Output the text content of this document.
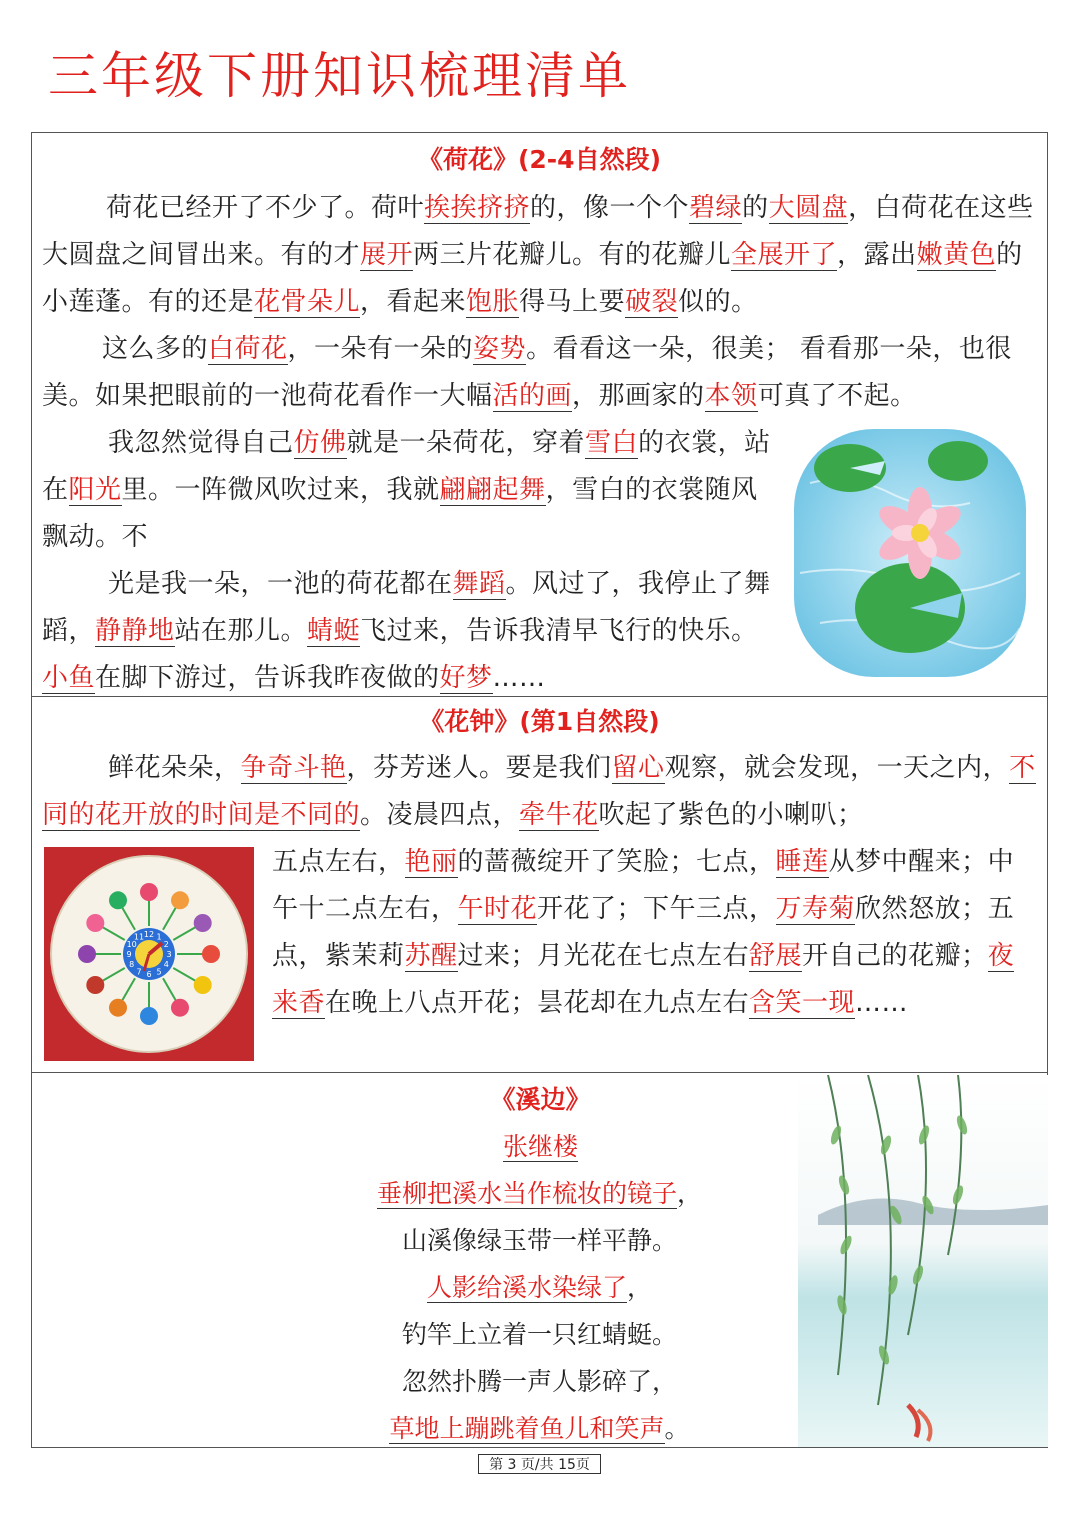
三年级下册知识梳理清单

《荷花》(2-4自然段)

荷花已经开了不少了。荷叶挨挨挤挤的，像一个个碧绿的大圆盘，白荷花在这些大圆盘之间冒出来。有的才展开两三片花瓣儿。有的花瓣儿全展开了，露出嫩黄色的小莲蓬。有的还是花骨朵儿，看起来饱胀得马上要破裂似的。

这么多的白荷花，一朵有一朵的姿势。看看这一朵，很美； 看看那一朵，也很美。如果把眼前的一池荷花看作一大幅活的画，那画家的本领可真了不起。

我忽然觉得自己仿佛就是一朵荷花，穿着雪白的衣裳，站在阳光里。一阵微风吹过来，我就翩翩起舞，雪白的衣裳随风飘动。不

光是我一朵，一池的荷花都在舞蹈。风过了，我停止了舞蹈，静静地站在那儿。蜻蜓飞过来，告诉我清早飞行的快乐。小鱼在脚下游过，告诉我昨夜做的好梦……

《花钟》(第1自然段)

鲜花朵朵，争奇斗艳，芬芳迷人。要是我们留心观察，就会发现，一天之内，不同的花开放的时间是不同的。凌晨四点，牵牛花吹起了紫色的小喇叭；

五点左右，艳丽的蔷薇绽开了笑脸；七点，睡莲从梦中醒来；中午十二点左右，午时花开花了；下午三点，万寿菊欣然怒放；五点，紫茉莉苏醒过来；月光花在七点左右舒展开自己的花瓣；夜来香在晚上八点开花；昙花却在九点左右含笑一现……

12 1
2
3
4
5
6
7
8
9
10
11

《溪边》

张继楼
垂柳把溪水当作梳妆的镜子，
山溪像绿玉带一样平静。
人影给溪水染绿了，
钓竿上立着一只红蜻蜓。
忽然扑腾一声人影碎了，
草地上蹦跳着鱼儿和笑声。
第 3 页/共 15页
